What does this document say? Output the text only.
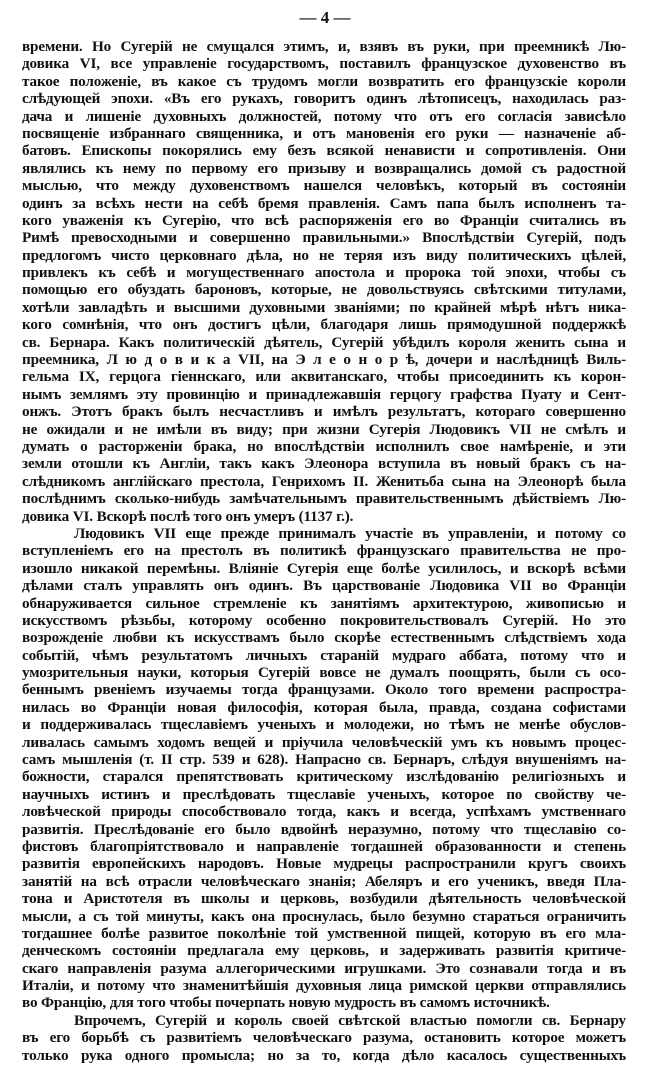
— 4 —
времени. Но Сугерій не смущался этимъ, и, взявъ въ руки, при преемникѣ Лю-
довика VI, все управленіе государствомъ, поставилъ французское духовенство въ
такое положеніе, въ какое съ трудомъ могли возвратить его французскіе короли
слѣдующей эпохи. «Въ его рукахъ, говоритъ одинъ лѣтописецъ, находилась раз-
дача и лишеніе духовныхъ должностей, потому что отъ его согласія зависѣло
посвященіе избраннаго священника, и отъ мановенія его руки — назначеніе аб-
батовъ. Епископы покорялись ему безъ всякой ненависти и сопротивленія. Они
являлись къ нему по первому его призыву и возвращались домой съ радостной
мыслью, что между духовенствомъ нашелся человѣкъ, который въ состояніи
одинъ за всѣхъ нести на себѣ бремя правленія. Самъ папа былъ исполненъ та-
кого уваженія къ Сугерію, что всѣ распоряженія его во Франціи считались въ
Римѣ превосходными и совершенно правильными.» Впослѣдствіи Сугерій, подъ
предлогомъ чисто церковнаго дѣла, но не теряя изъ виду политическихъ цѣлей,
привлекъ къ себѣ и могущественнаго апостола и пророка той эпохи, чтобы съ
помощью его обуздать бароновъ, которые, не довольствуясь свѣтскими титулами,
хотѣли завладѣть и высшими духовными званіями; по крайней мѣрѣ нѣтъ ника-
кого сомнѣнія, что онъ достигъ цѣли, благодаря лишь прямодушной поддержкѣ
св. Бернара. Какъ политическій дѣятель, Сугерій убѣдилъ короля женить сына и
преемника, Л ю д о в и к а VII, на Э л е о н о р ѣ, дочери и наслѣдницѣ Виль-
гельма IX, герцога гіеннскаго, или аквитанскаго, чтобы присоединить къ корон-
нымъ землямъ эту провинцію и принадлежавшія герцогу графства Пуату и Сент-
онжъ. Этотъ бракъ былъ несчастливъ и имѣлъ результатъ, котораго совершенно
не ожидали и не имѣли въ виду; при жизни Сугерія Людовикъ VII не смѣлъ и
думать о расторженіи брака, но впослѣдствіи исполнилъ свое намѣреніе, и эти
земли отошли къ Англіи, такъ какъ Элеонора вступила въ новый бракъ съ на-
слѣдникомъ англійскаго престола, Генрихомъ II. Женитьба сына на Элеонорѣ была
послѣднимъ сколько-нибудь замѣчательнымъ правительственнымъ дѣйствіемъ Лю-
довика VI. Вскорѣ послѣ того онъ умеръ (1137 г.).
Людовикъ VII еще прежде принималъ участіе въ управленіи, и потому со
вступленіемъ его на престолъ въ политикѣ французскаго правительства не про-
изошло никакой перемѣны. Вліяніе Сугерія еще болѣе усилилось, и вскорѣ всѣми
дѣлами сталъ управлять онъ одинъ. Въ царствованіе Людовика VII во Франціи
обнаруживается сильное стремленіе къ занятіямъ архитектурою, живописью и
искусствомъ рѣзьбы, которому особенно покровительствовалъ Сугерій. Но это
возрожденіе любви къ искусствамъ было скорѣе естественнымъ слѣдствіемъ хода
событій, чѣмъ результатомъ личныхъ стараній мудраго аббата, потому что и
умозрительныя науки, которыя Сугерій вовсе не думалъ поощрять, были съ осо-
беннымъ рвеніемъ изучаемы тогда французами. Около того времени распростра-
нилась во Франціи новая философія, которая была, правда, создана софистами
и поддерживалась тщеславіемъ ученыхъ и молодежи, но тѣмъ не менѣе обуслов-
ливалась самымъ ходомъ вещей и пріучила человѣческій умъ къ новымъ процес-
самъ мышленія (т. II стр. 539 и 628). Напрасно св. Бернаръ, слѣдуя внушеніямъ на-
божности, старался препятствовать критическому изслѣдованію религіозныхъ и
научныхъ истинъ и преслѣдовать тщеславіе ученыхъ, которое по свойству че-
ловѣческой природы способствовало тогда, какъ и всегда, успѣхамъ умственнаго
развитія. Преслѣдованіе его было вдвойнѣ неразумно, потому что тщеславію со-
фистовъ благопріятствовало и направленіе тогдашней образованности и степень
развитія европейскихъ народовъ. Новые мудрецы распространили кругъ своихъ
занятій на всѣ отрасли человѣческаго знанія; Абеляръ и его ученикъ, введя Пла-
тона и Аристотеля въ школы и церковь, возбудили дѣятельность человѣческой
мысли, а съ той минуты, какъ она проснулась, было безумно стараться ограничить
тогдашнее болѣе развитое поколѣніе той умственной пищей, которую въ его мла-
денческомъ состояніи предлагала ему церковь, и задерживать развитія критиче-
скаго направленія разума аллегорическими игрушками. Это сознавали тогда и въ
Италіи, и потому что знаменитѣйшія духовныя лица римской церкви отправлялись
во Францію, для того чтобы почерпать новую мудрость въ самомъ источникѣ.
Впрочемъ, Сугерій и король своей свѣтской властью помогли св. Бернару
въ его борьбѣ съ развитіемъ человѣческаго разума, остановить которое можетъ
только рука одного промысла; но за то, когда дѣло касалось существенныхъ
